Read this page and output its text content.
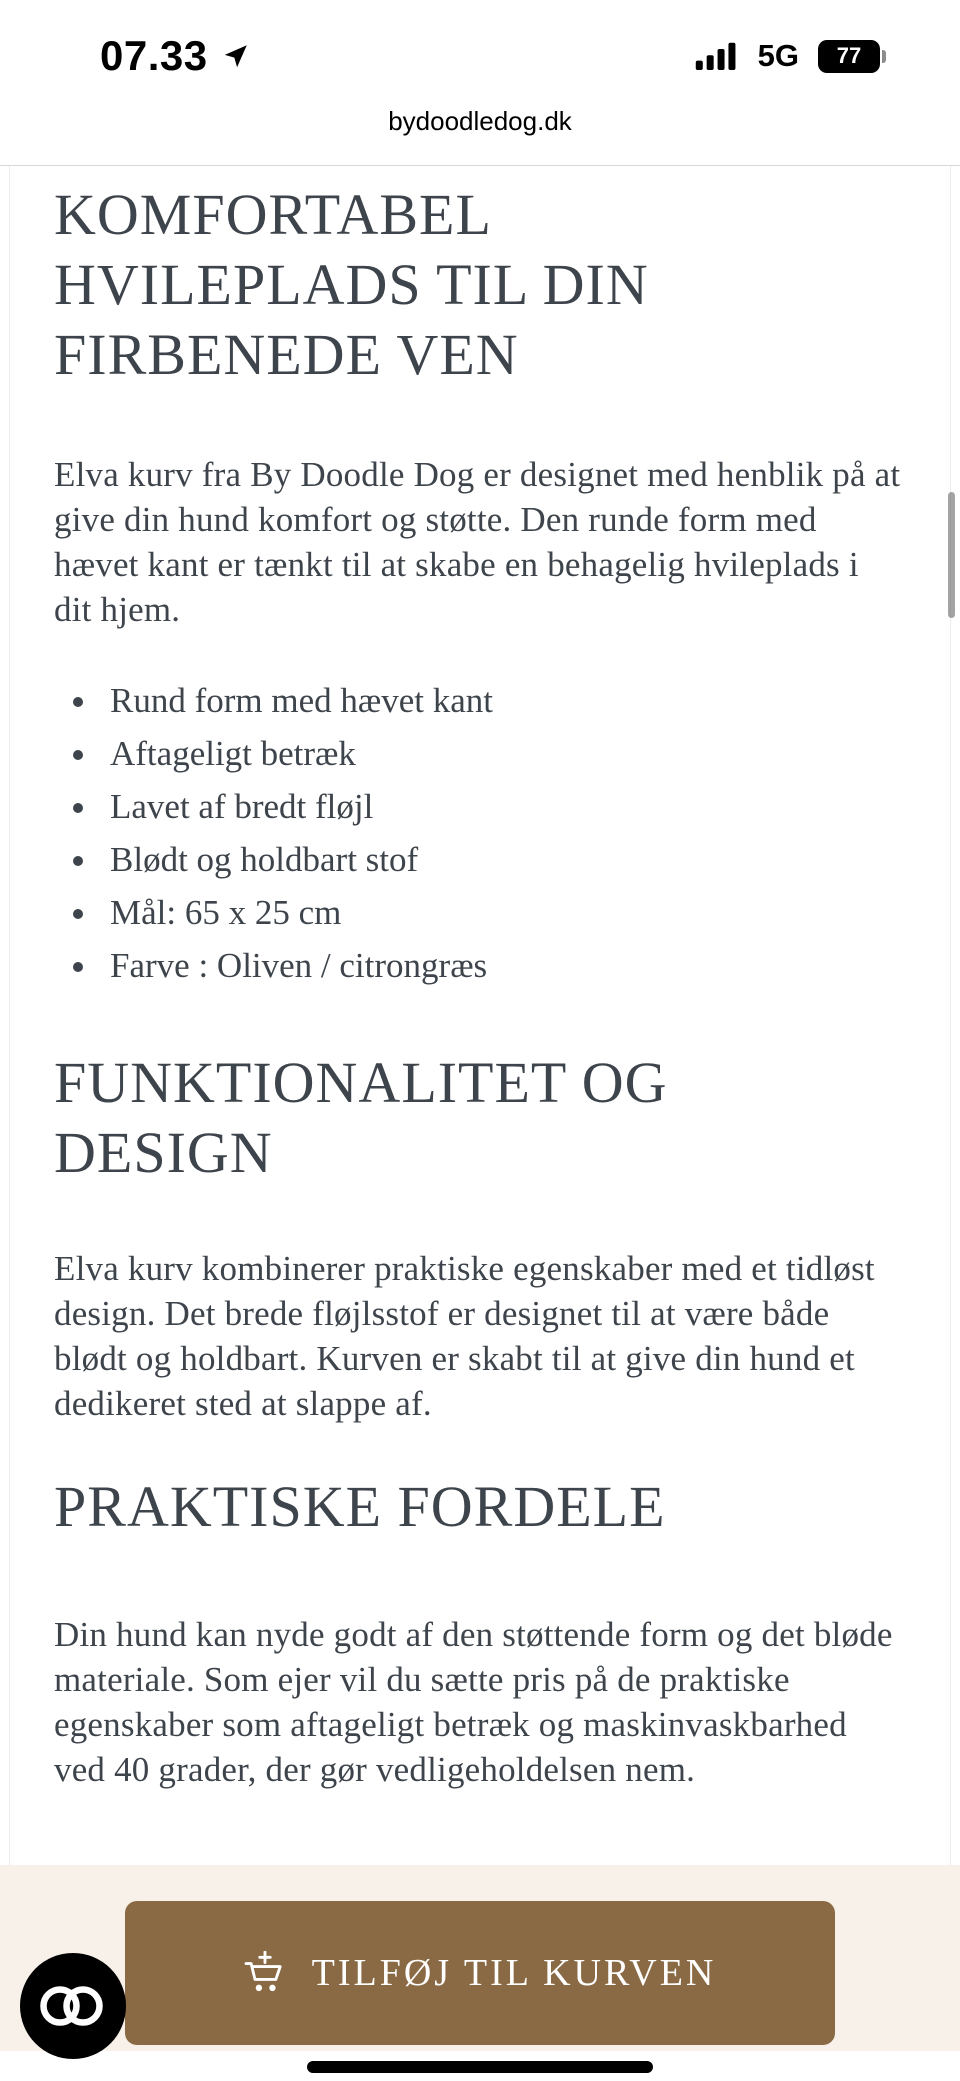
07.33	5G 77
bydoodledog.dk
KOMFORTABEL
HVILEPLADS TIL DIN
FIRBENEDE VEN

Elva kurv fra By Doodle Dog er designet med henblik på at give din hund komfort og støtte. Den runde form med hævet kant er tænkt til at skabe en behagelig hvileplads i dit hjem.

• Rund form med hævet kant
• Aftageligt betræk
• Lavet af bredt fløjl
• Blødt og holdbart stof
• Mål: 65 x 25 cm
• Farve : Oliven / citrongræs
FUNKTIONALITET OG
DESIGN

Elva kurv kombinerer praktiske egenskaber med et tidløst design. Det brede fløjlsstof er designet til at være både blødt og holdbart. Kurven er skabt til at give din hund et dedikeret sted at slappe af.

PRAKTISKE FORDELE

Din hund kan nyde godt af den støttende form og det bløde materiale. Som ejer vil du sætte pris på de praktiske egenskaber som aftageligt betræk og maskinvaskbarhed ved 40 grader, der gør vedligeholdelsen nem.

TILFØJ TIL KURVEN
